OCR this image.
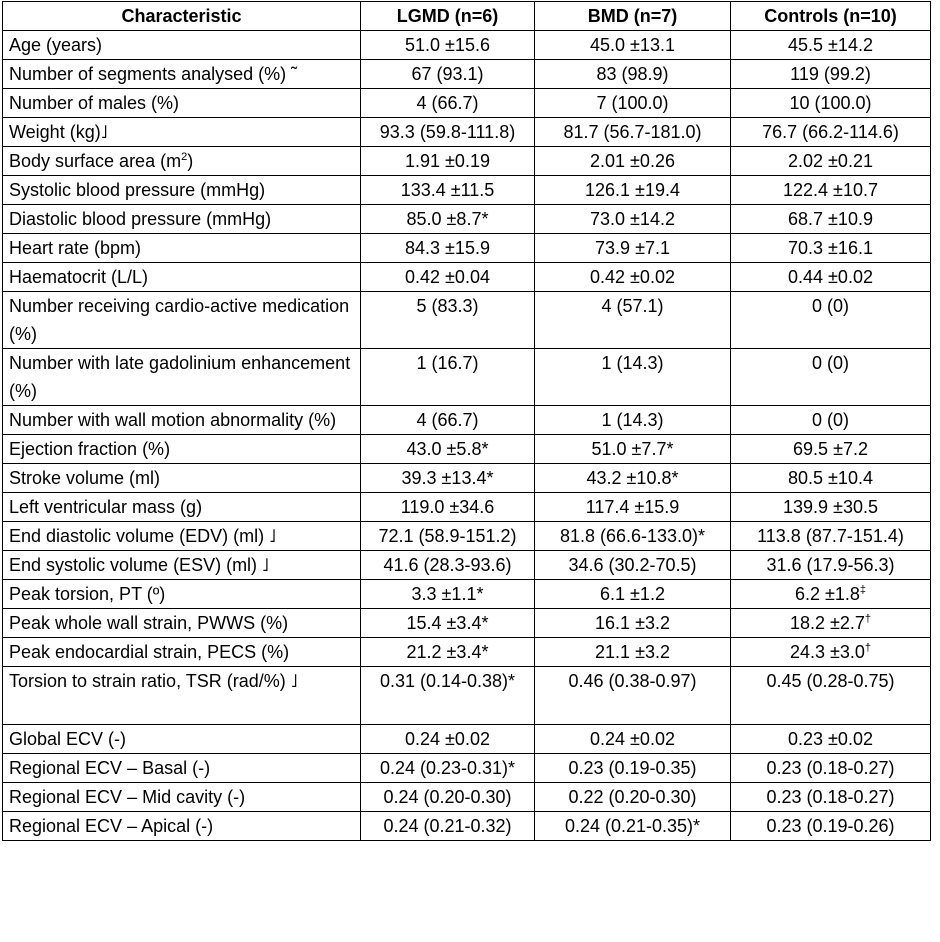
Characteristic	LGMD (n=6)	BMD (n=7)	Controls (n=10)
Age (years)	51.0 ±15.6	45.0 ±13.1	45.5 ±14.2
Number of segments analysed (%) ˜	67 (93.1)	83 (98.9)	119 (99.2)
Number of males (%)	4 (66.7)	7 (100.0)	10 (100.0)
Weight (kg)˩	93.3 (59.8-111.8)	81.7 (56.7-181.0)	76.7 (66.2-114.6)
Body surface area $(m^2)$	1.91 ±0.19	2.01 ±0.26	2.02 ±0.21
Systolic blood pressure (mmHg)	133.4 ±11.5	126.1 ±19.4	122.4 ±10.7
Diastolic blood pressure (mmHg)	85.0 ±8.7*	73.0 ±14.2	68.7 ±10.9
Heart rate (bpm)	84.3 ±15.9	73.9 ±7.1	70.3 ±16.1
Haematocrit (L/L)	0.42 ±0.04	0.42 ±0.02	0.44 ±0.02
Number receiving cardio-active medication (%)	5 (83.3)	4 (57.1)	0 (0)
Number with late gadolinium enhancement (%)	1 (16.7)	1 (14.3)	0 (0)
Number with wall motion abnormality (%)	4 (66.7)	1 (14.3)	0 (0)
Ejection fraction (%)	43.0 ±5.8*	51.0 ±7.7*	69.5 ±7.2
Stroke volume (ml)	39.3 ±13.4*	43.2 ±10.8*	80.5 ±10.4
Left ventricular mass (g)	119.0 ±34.6	117.4 ±15.9	139.9 ±30.5
End diastolic volume (EDV) (ml) ˩	72.1 (58.9-151.2)	81.8 (66.6-133.0)*	113.8 (87.7-151.4)
End systolic volume (ESV) (ml) ˩	41.6 (28.3-93.6)	34.6 (30.2-70.5)	31.6 (17.9-56.3)
Peak torsion, PT (º)	3.3 ±1.1*	6.1 ±1.2	6.2 ±1.8‡
Peak whole wall strain, PWWS (%)	15.4 ±3.4*	16.1 ±3.2	18.2 ±2.7†
Peak endocardial strain, PECS (%)	21.2 ±3.4*	21.1 ±3.2	24.3 ±3.0†
Torsion to strain ratio, TSR (rad/%) ˩	0.31 (0.14-0.38)*	0.46 (0.38-0.97)	0.45 (0.28-0.75)
Global ECV (-)	0.24 ±0.02	0.24 ±0.02	0.23 ±0.02
Regional ECV – Basal (-)	0.24 (0.23-0.31)*	0.23 (0.19-0.35)	0.23 (0.18-0.27)
Regional ECV – Mid cavity (-)	0.24 (0.20-0.30)	0.22 (0.20-0.30)	0.23 (0.18-0.27)
Regional ECV – Apical (-)	0.24 (0.21-0.32)	0.24 (0.21-0.35)*	0.23 (0.19-0.26)
